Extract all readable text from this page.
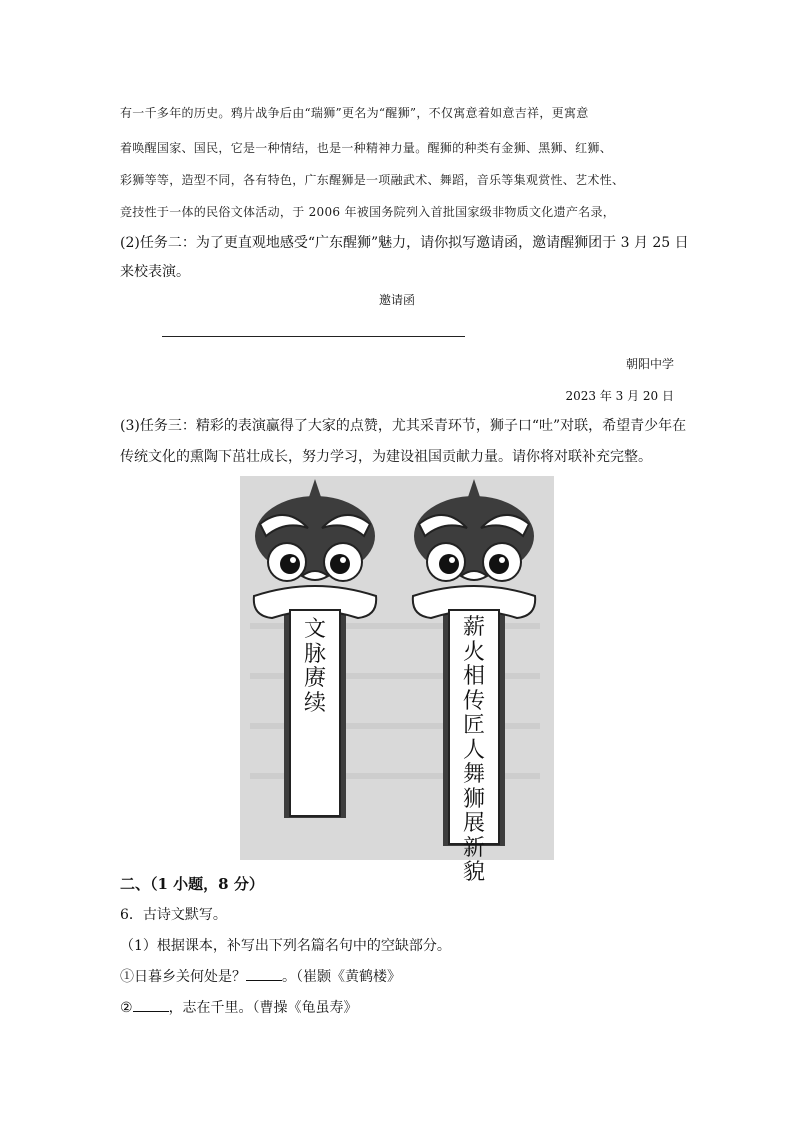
有一千多年的历史。鸦片战争后由“瑞狮”更名为“醒狮”，不仅寓意着如意吉祥，更寓意
着唤醒国家、国民，它是一种情结，也是一种精神力量。醒狮的种类有金狮、黑狮、红狮、
彩狮等等，造型不同，各有特色，广东醒狮是一项融武术、舞蹈，音乐等集观赏性、艺术性、
竞技性于一体的民俗文体活动，于 2006 年被国务院列入首批国家级非物质文化遗产名录，
(2)任务二：为了更直观地感受“广东醒狮”魅力，请你拟写邀请函，邀请醒狮团于 3 月 25 日
来校表演。
邀请函
朝阳中学
2023 年 3 月 20 日
(3)任务三：精彩的表演赢得了大家的点赞，尤其采青环节，狮子口“吐”对联，希望青少年在
传统文化的熏陶下茁壮成长，努力学习，为建设祖国贡献力量。请你将对联补充完整。
文脉赓续
薪火相传匠人舞狮展新貌
二、（1 小题，8 分）
6．古诗文默写。
（1）根据课本，补写出下列名篇名句中的空缺部分。
①日暮乡关何处是？	。（崔颢《黄鹤楼》
②	，志在千里。（曹操《龟虽寿》
